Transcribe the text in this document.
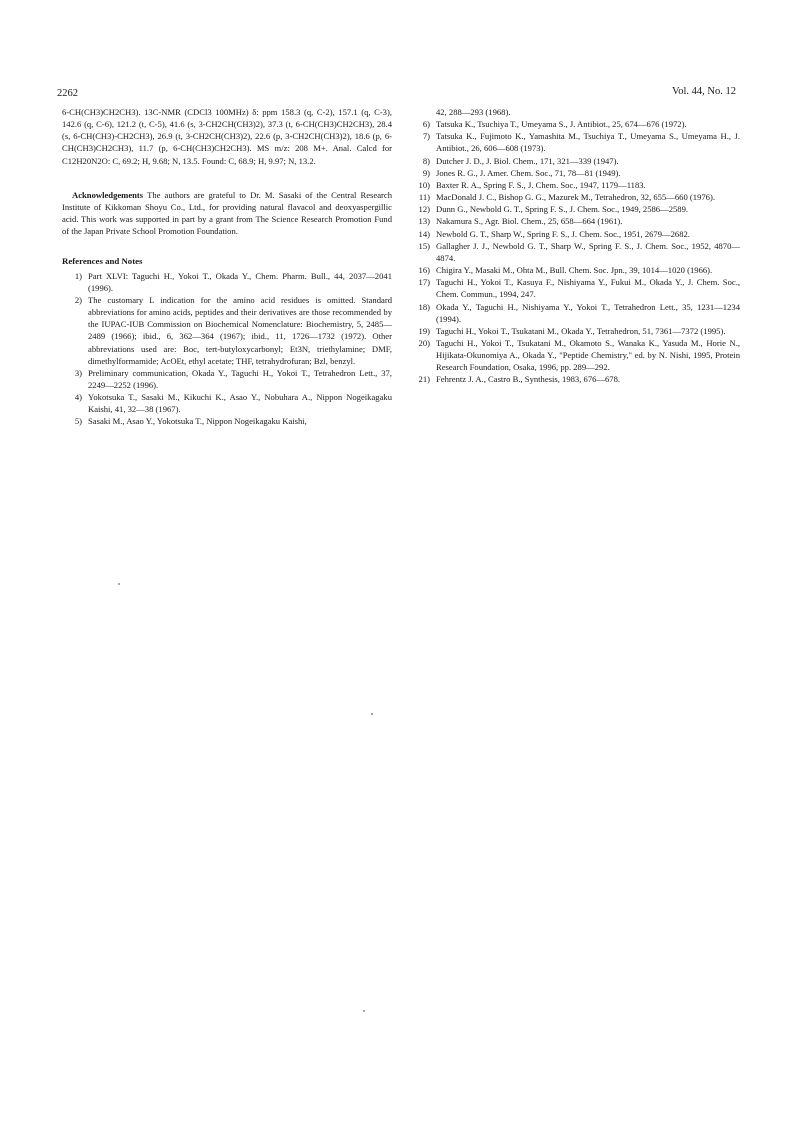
2262	Vol. 44, No. 12

6-CH(CH3)CH2CH3). 13C-NMR (CDCl3 100MHz) δ: ppm 158.3 (q, C-2), 157.1 (q, C-3), 142.6 (q, C-6), 121.2 (t, C-5), 41.6 (s, 3-CH2CH(CH3)2), 37.3 (t, 6-CH(CH3)CH2CH3), 28.4 (s, 6-CH(CH3)-CH2CH3), 26.9 (t, 3-CH2CH(CH3)2), 22.6 (p, 3-CH2CH(CH3)2), 18.6 (p, 6-CH(CH3)CH2CH3), 11.7 (p, 6-CH(CH3)CH2CH3). MS m/z: 208 M+. Anal. Calcd for C12H20N2O: C, 69.2; H, 9.68; N, 13.5. Found: C, 68.9; H, 9.97; N, 13.2.

Acknowledgements The authors are grateful to Dr. M. Sasaki of the Central Research Institute of Kikkoman Shoyu Co., Ltd., for providing natural flavacol and deoxyaspergillic acid. This work was supported in part by a grant from The Science Research Promotion Fund of the Japan Private School Promotion Foundation.

References and Notes
1) Part XLVI: Taguchi H., Yokoi T., Okada Y., Chem. Pharm. Bull., 44, 2037—2041 (1996).
2) The customary L indication for the amino acid residues is omitted. Standard abbreviations for amino acids, peptides and their derivatives are those recommended by the IUPAC-IUB Commission on Biochemical Nomenclature: Biochemistry, 5, 2485—2489 (1966); ibid., 6, 362—364 (1967); ibid., 11, 1726—1732 (1972). Other abbreviations used are: Boc, tert-butyloxycarbonyl; Et3N, triethylamine; DMF, dimethylformamide; AcOEt, ethyl acetate; THF, tetrahydrofuran; Bzl, benzyl.
3) Preliminary communication, Okada Y., Taguchi H., Yokoi T., Tetrahedron Lett., 37, 2249—2252 (1996).
4) Yokotsuka T., Sasaki M., Kikuchi K., Asao Y., Nobuhara A., Nippon Nogeikagaku Kaishi, 41, 32—38 (1967).
5) Sasaki M., Asao Y., Yokotsuka T., Nippon Nogeikagaku Kaishi,
42, 288—293 (1968).
6) Tatsuka K., Tsuchiya T., Umeyama S., J. Antibiot., 25, 674—676 (1972).
7) Tatsuka K., Fujimoto K., Yamashita M., Tsuchiya T., Umeyama S., Umeyama H., J. Antibiot., 26, 606—608 (1973).
8) Dutcher J. D., J. Biol. Chem., 171, 321—339 (1947).
9) Jones R. G., J. Amer. Chem. Soc., 71, 78—81 (1949).
10) Baxter R. A., Spring F. S., J. Chem. Soc., 1947, 1179—1183.
11) MacDonald J. C., Bishop G. G., Mazurek M., Tetrahedron, 32, 655—660 (1976).
12) Dunn G., Newbold G. T., Spring F. S., J. Chem. Soc., 1949, 2586—2589.
13) Nakamura S., Agr. Biol. Chem., 25, 658—664 (1961).
14) Newbold G. T., Sharp W., Spring F. S., J. Chem. Soc., 1951, 2679—2682.
15) Gallagher J. J., Newbold G. T., Sharp W., Spring F. S., J. Chem. Soc., 1952, 4870—4874.
16) Chigira Y., Masaki M., Ohta M., Bull. Chem. Soc. Jpn., 39, 1014—1020 (1966).
17) Taguchi H., Yokoi T., Kasuya F., Nishiyama Y., Fukui M., Okada Y., J. Chem. Soc., Chem. Commun., 1994, 247.
18) Okada Y., Taguchi H., Nishiyama Y., Yokoi T., Tetrahedron Lett., 35, 1231—1234 (1994).
19) Taguchi H., Yokoi T., Tsukatani M., Okada Y., Tetrahedron, 51, 7361—7372 (1995).
20) Taguchi H., Yokoi T., Tsukatani M., Okamoto S., Wanaka K., Yasuda M., Horie N., Hijikata-Okunomiya A., Okada Y., "Peptide Chemistry," ed. by N. Nishi, 1995, Protein Research Foundation, Osaka, 1996, pp. 289—292.
21) Fehrentz J. A., Castro B., Synthesis, 1983, 676—678.
